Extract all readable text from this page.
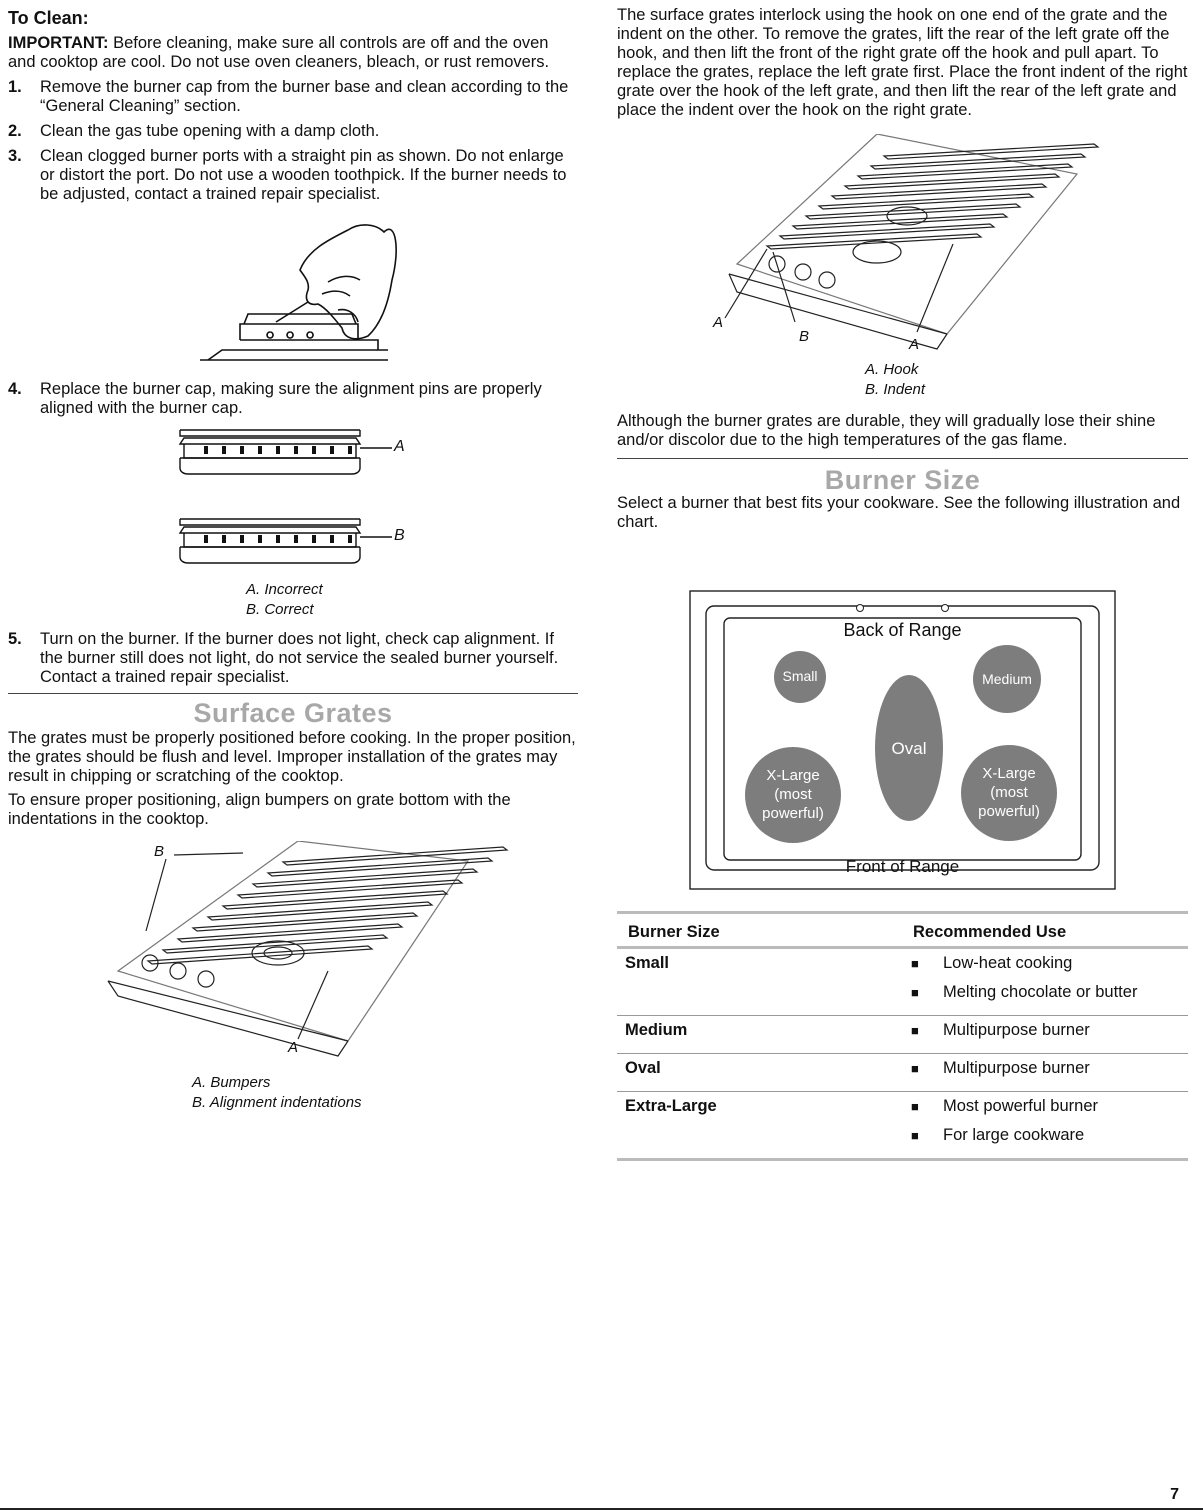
To Clean:

IMPORTANT: Before cleaning, make sure all controls are off and the oven and cooktop are cool. Do not use oven cleaners, bleach, or rust removers.

1. Remove the burner cap from the burner base and clean according to the “General Cleaning” section.
2. Clean the gas tube opening with a damp cloth.
3. Clean clogged burner ports with a straight pin as shown. Do not enlarge or distort the port. Do not use a wooden toothpick. If the burner needs to be adjusted, contact a trained repair specialist.
4. Replace the burner cap, making sure the alignment pins are properly aligned with the burner cap.
A
B
A. Incorrect
B. Correct
5. Turn on the burner. If the burner does not light, check cap alignment. If the burner still does not light, do not service the sealed burner yourself. Contact a trained repair specialist.

Surface Grates

The grates must be properly positioned before cooking. In the proper position, the grates should be flush and level. Improper installation of the grates may result in chipping or scratching of the cooktop.

To ensure proper positioning, align bumpers on grate bottom with the indentations in the cooktop.

B
A
A. Bumpers
B. Alignment indentations

The surface grates interlock using the hook on one end of the grate and the indent on the other. To remove the grates, lift the rear of the left grate off the hook, and then lift the front of the right grate off the hook and pull apart. To replace the grates, replace the left grate first. Place the front indent of the right grate over the hook of the left grate, and then lift the rear of the left grate and place the indent over the hook on the right grate.

A
B	A
A. Hook
B. Indent

Although the burner grates are durable, they will gradually lose their shine and/or discolor due to the high temperatures of the gas flame.

Burner Size

Select a burner that best fits your cookware. See the following illustration and chart.

Back of Range
Front of Range
Small	Medium
Oval
X-Large
(most
powerful)
X-Large
(most
powerful)
Burner Size	Recommended Use
Small	■ Low-heat cooking
■ Melting chocolate or butter
Medium	■ Multipurpose burner
Oval	■ Multipurpose burner
Extra-Large	■ Most powerful burner
■ For large cookware
7
